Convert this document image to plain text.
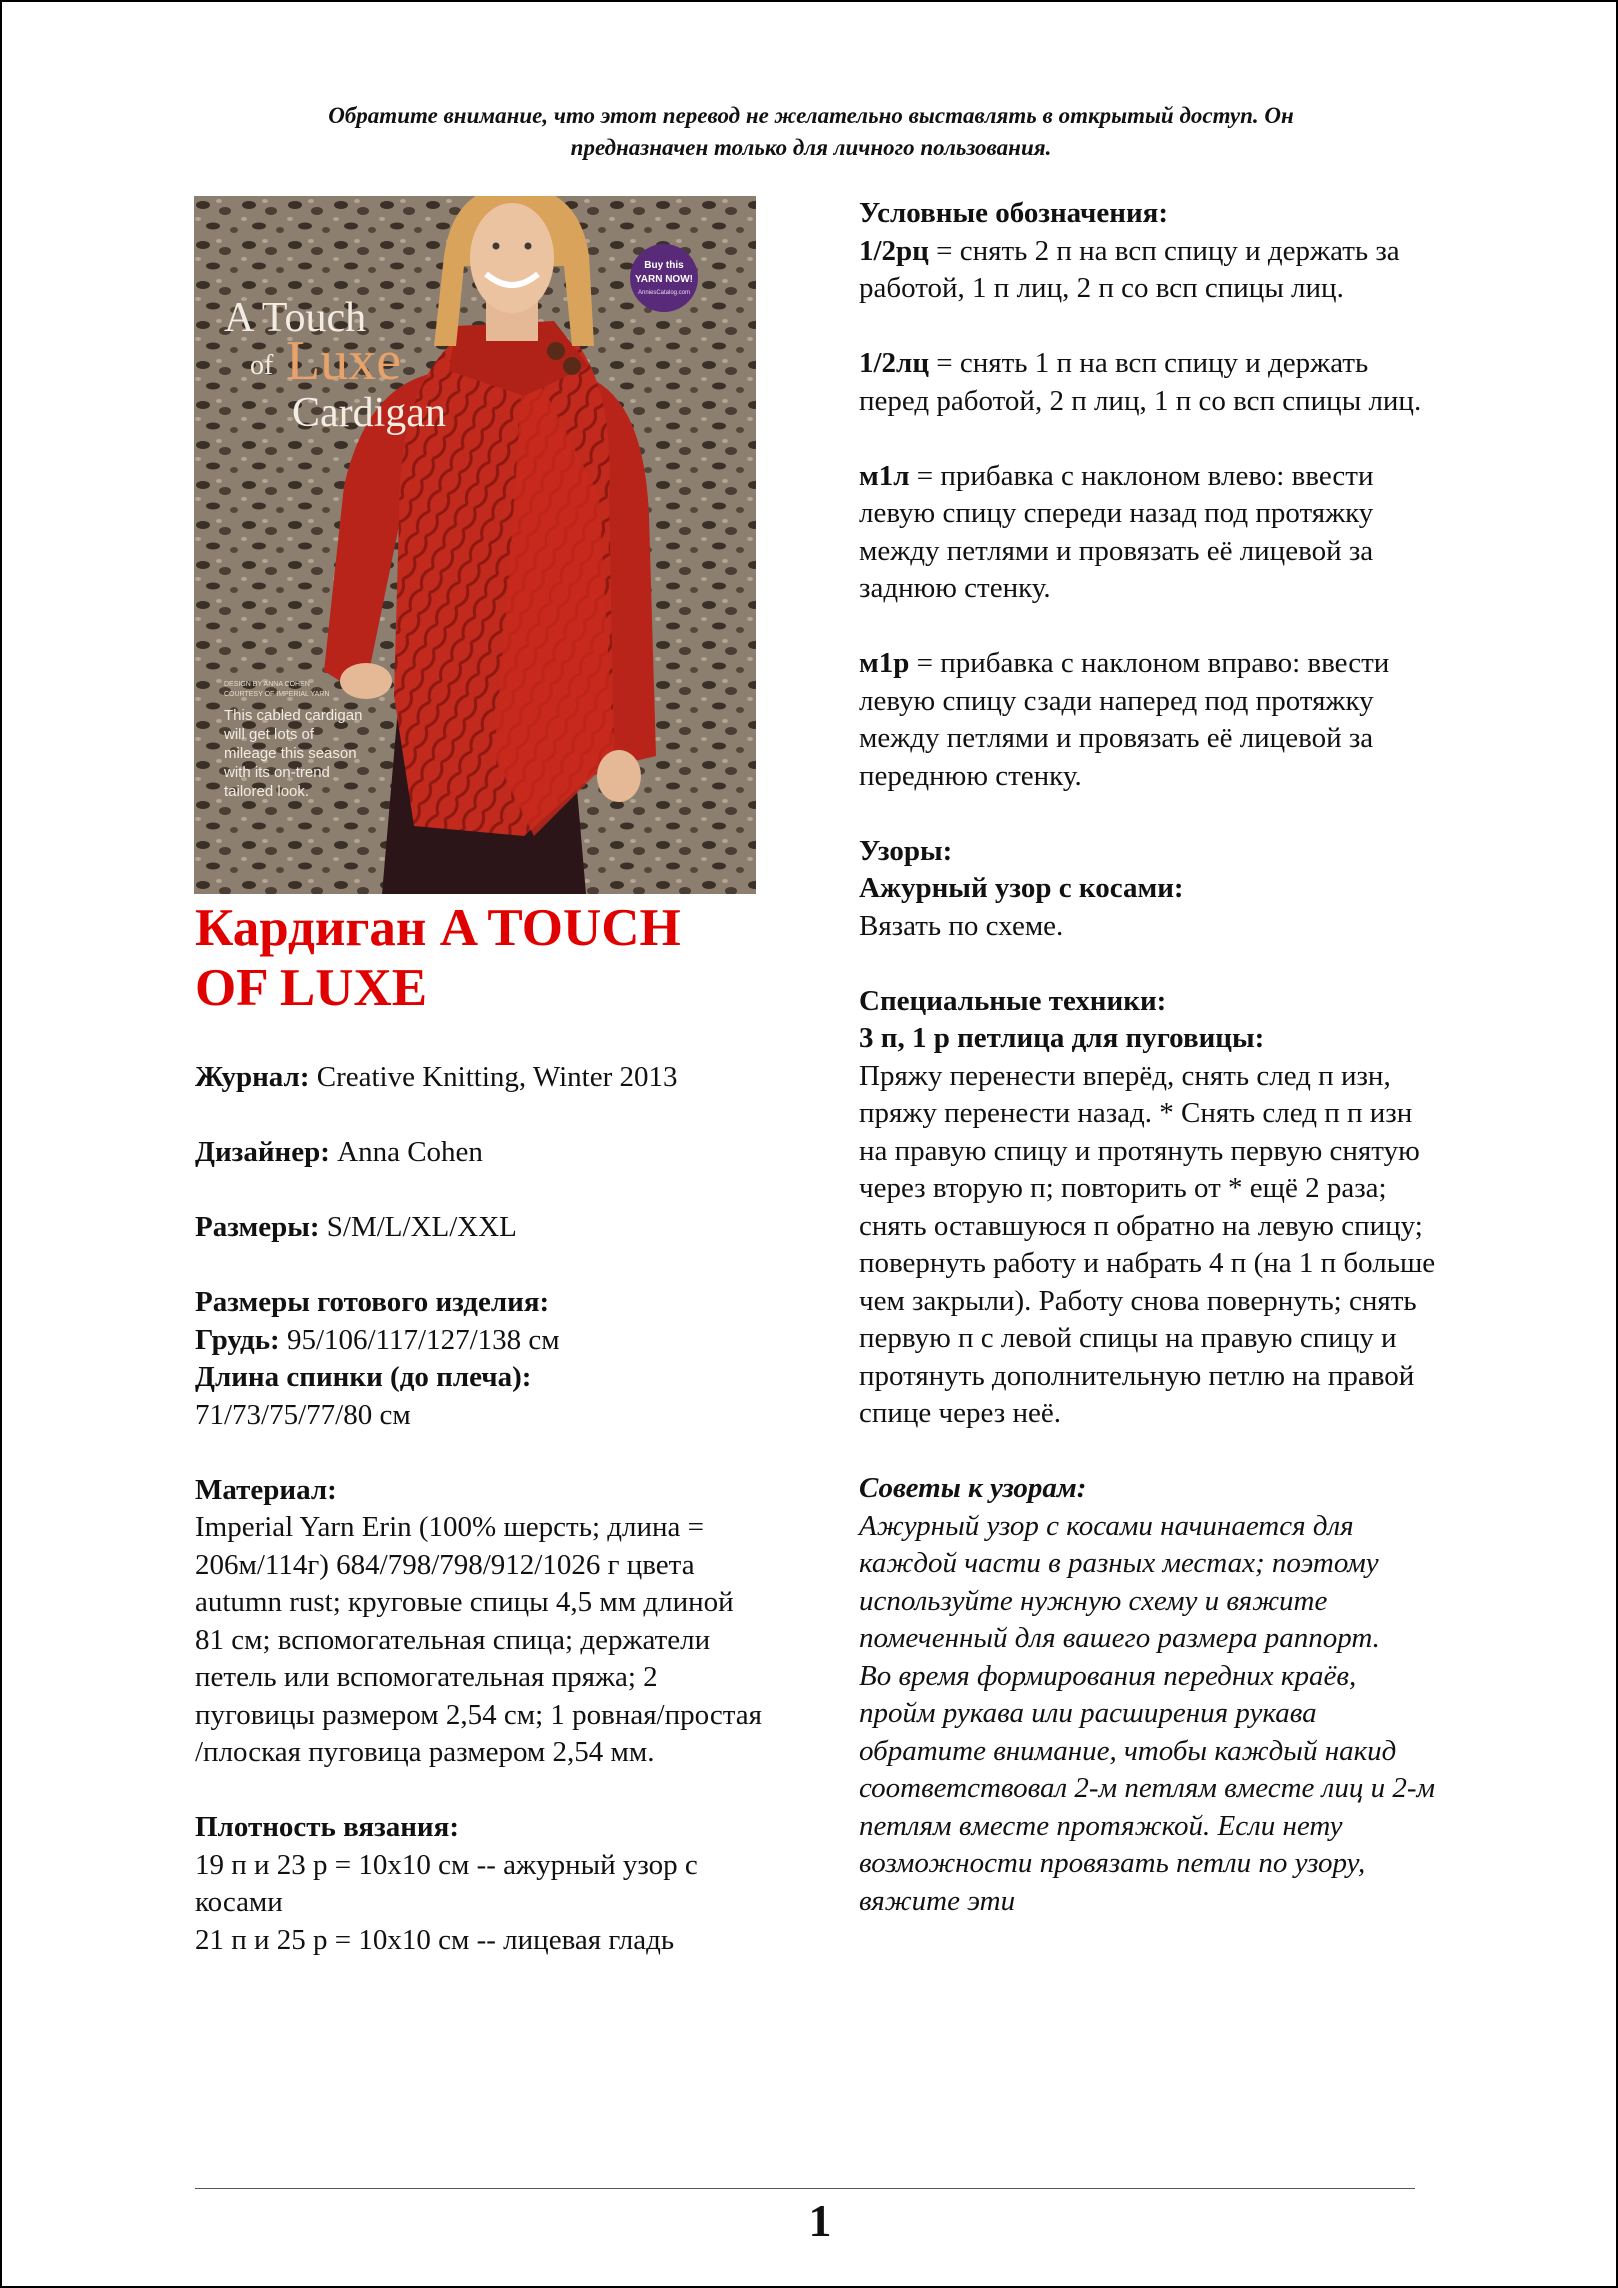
Обратите внимание, что этот перевод не желательно выставлять в открытый доступ. Он
предназначен только для личного пользования.
Buy this
YARN NOW!
AnniesCatalog.com
A Touch
of Luxe
Cardigan
DESIGN BY ANNA COHEN
COURTESY OF IMPERIAL YARN
This cabled cardigan
will get lots of
mileage this season
with its on-trend
tailored look.
Кардиган A TOUCH
OF LUXE

Журнал: Creative Knitting, Winter 2013

Дизайнер: Anna Cohen

Размеры: S/M/L/XL/XXL

Размеры готового изделия:

Грудь: 95/106/117/127/138 см

Длина спинки (до плеча):

71/73/75/77/80 см

Материал:

Imperial Yarn Erin (100% шерсть; длина = 206м/114г) 684/798/798/912/1026 г цвета autumn rust; круговые спицы 4,5 мм длиной 81 см; вспомогательная спица; держатели петель или вспомогательная пряжа; 2 пуговицы размером 2,54 см; 1 ровная/простая /плоская пуговица размером 2,54 мм.

Плотность вязания:

19 п и 23 р = 10x10 см -- ажурный узор с косами

21 п и 25 р = 10x10 см -- лицевая гладь

Условные обозначения:

1/2рц = снять 2 п на всп спицу и держать за работой, 1 п лиц, 2 п со всп спицы лиц.

1/2лц = снять 1 п на всп спицу и держать перед работой, 2 п лиц, 1 п со всп спицы лиц.

м1л = прибавка с наклоном влево: ввести левую спицу спереди назад под протяжку между петлями и провязать её лицевой за заднюю стенку.

м1р = прибавка с наклоном вправо: ввести левую спицу сзади наперед под протяжку между петлями и провязать её лицевой за переднюю стенку.

Узоры:

Ажурный узор с косами:

Вязать по схеме.

Специальные техники:

3 п, 1 р петлица для пуговицы:

Пряжу перенести вперёд, снять след п изн, пряжу перенести назад. * Снять след п п изн на правую спицу и протянуть первую снятую через вторую п; повторить от * ещё 2 раза; снять оставшуюся п обратно на левую спицу; повернуть работу и набрать 4 п (на 1 п больше чем закрыли). Работу снова повернуть; снять первую п с левой спицы на правую спицу и протянуть дополнительную петлю на правой спице через неё.

Советы к узорам:

Ажурный узор с косами начинается для каждой части в разных местах; поэтому используйте нужную схему и вяжите помеченный для вашего размера раппорт.

Во время формирования передних краёв, пройм рукава или расширения рукава обратите внимание, чтобы каждый накид соответствовал 2-м петлям вместе лиц и 2-м петлям вместе протяжкой. Если нету возможности провязать петли по узору, вяжите эти

1
